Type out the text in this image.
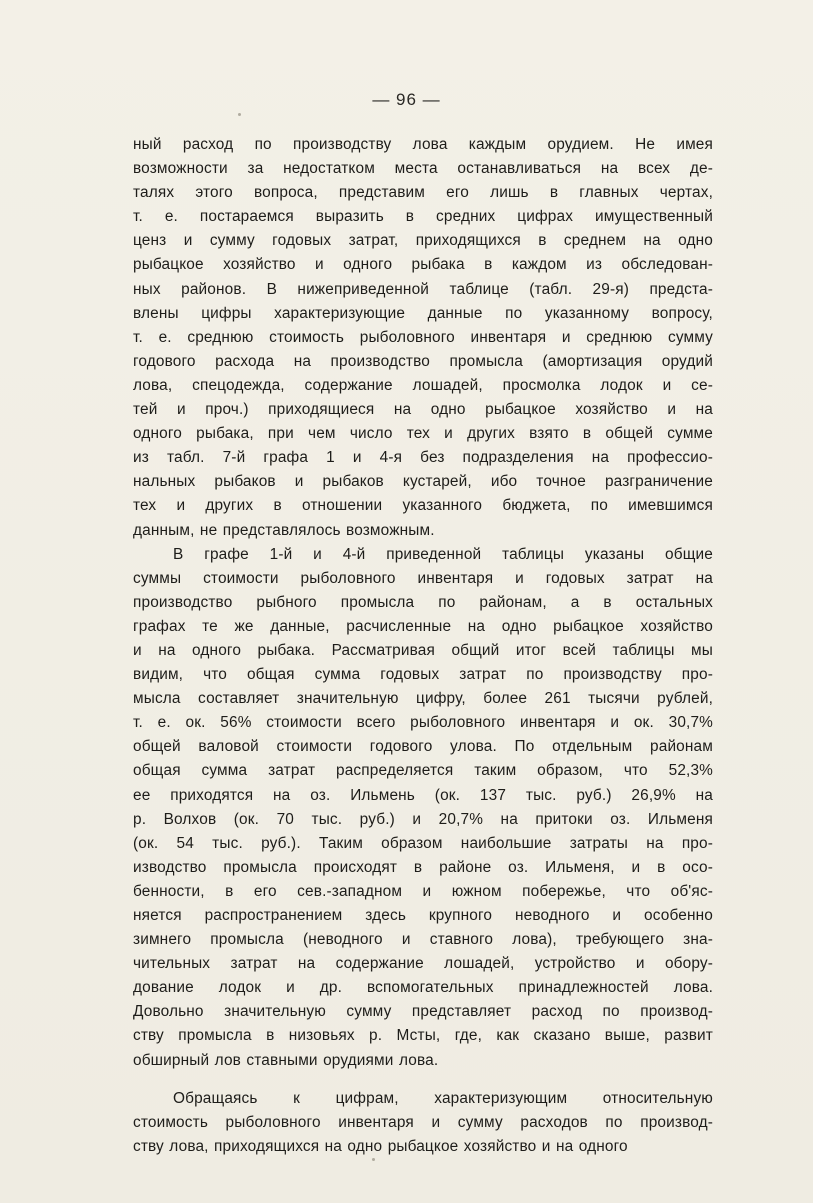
— 96 —
ный расход по производству лова каждым орудием. Не имея
возможности за недостатком места останавливаться на всех де-
талях этого вопроса, представим его лишь в главных чертах,
т. е. постараемся выразить в средних цифрах имущественный
ценз и сумму годовых затрат, приходящихся в среднем на одно
рыбацкое хозяйство и одного рыбака в каждом из обследован-
ных районов. В нижеприведенной таблице (табл. 29-я) предста-
влены цифры характеризующие данные по указанному вопросу,
т. е. среднюю стоимость рыболовного инвентаря и среднюю сумму
годового расхода на производство промысла (амортизация орудий
лова, спецодежда, содержание лошадей, просмолка лодок и се-
тей и проч.) приходящиеся на одно рыбацкое хозяйство и на
одного рыбака, при чем число тех и других взято в общей сумме
из табл. 7-й графа 1 и 4-я без подразделения на профессио-
нальных рыбаков и рыбаков кустарей, ибо точное разграничение
тех и других в отношении указанного бюджета, по имевшимся
данным, не представлялось возможным.
В графе 1-й и 4-й приведенной таблицы указаны общие
суммы стоимости рыболовного инвентаря и годовых затрат на
производство рыбного промысла по районам, а в остальных
графах те же данные, расчисленные на одно рыбацкое хозяйство
и на одного рыбака. Рассматривая общий итог всей таблицы мы
видим, что общая сумма годовых затрат по производству про-
мысла составляет значительную цифру, более 261 тысячи рублей,
т. е. ок. 56% стоимости всего рыболовного инвентаря и ок. 30,7%
общей валовой стоимости годового улова. По отдельным районам
общая сумма затрат распределяется таким образом, что 52,3%
ее приходятся на оз. Ильмень (ок. 137 тыс. руб.) 26,9% на
р. Волхов (ок. 70 тыс. руб.) и 20,7% на притоки оз. Ильменя
(ок. 54 тыс. руб.). Таким образом наибольшие затраты на про-
изводство промысла происходят в районе оз. Ильменя, и в осо-
бенности, в его сев.-западном и южном побережье, что об'яс-
няется распространением здесь крупного неводного и особенно
зимнего промысла (неводного и ставного лова), требующего зна-
чительных затрат на содержание лошадей, устройство и обору-
дование лодок и др. вспомогательных принадлежностей лова.
Довольно значительную сумму представляет расход по производ-
ству промысла в низовьях р. Мсты, где, как сказано выше, развит
обширный лов ставными орудиями лова.
Обращаясь к цифрам, характеризующим относительную
стоимость рыболовного инвентаря и сумму расходов по производ-
ству лова, приходящихся на одно рыбацкое хозяйство и на одного
